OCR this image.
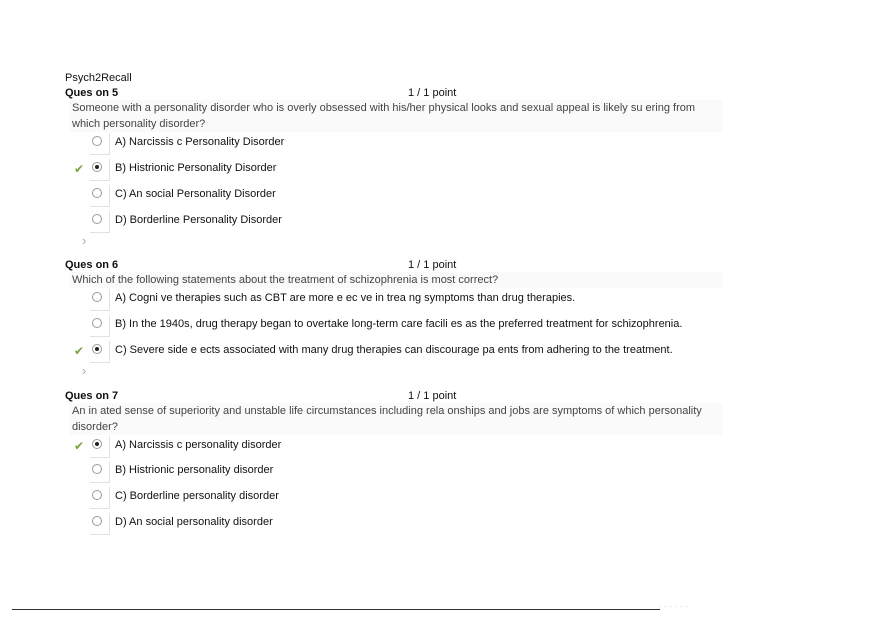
Psych2Recall
Ques on 5	1 / 1 point
Someone with a personality disorder who is overly obsessed with his/her physical looks and sexual appeal is likely su ering from which personality disorder?
A) Narcissis c Personality Disorder
✔	B) Histrionic Personality Disorder
C) An social Personality Disorder
D) Borderline Personality Disorder
›
Ques on 6	1 / 1 point
Which of the following statements about the treatment of schizophrenia is most correct?
A) Cogni ve therapies such as CBT are more e ec ve in trea ng symptoms than drug therapies.
B) In the 1940s, drug therapy began to overtake long-term care facili es as the preferred treatment for schizophrenia.
✔	C) Severe side e ects associated with many drug therapies can discourage pa ents from adhering to the treatment.
›
Ques on 7	1 / 1 point
An in ated sense of superiority and unstable life circumstances including rela onships and jobs are symptoms of which personality disorder?
✔	A) Narcissis c personality disorder
B) Histrionic personality disorder
C) Borderline personality disorder
D) An social personality disorder
· · · · · ·
